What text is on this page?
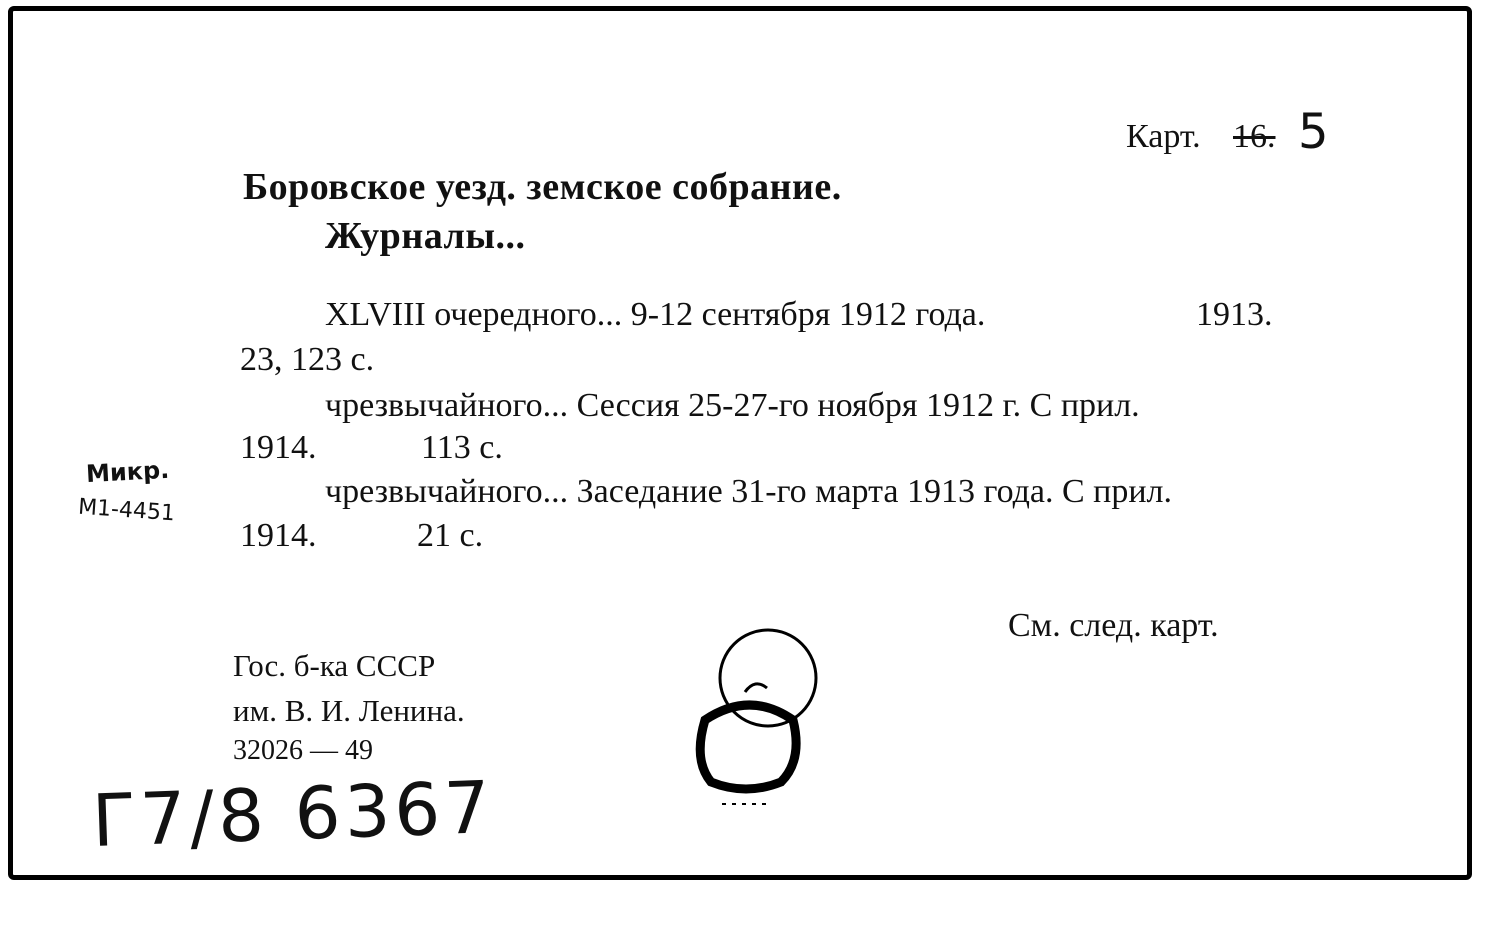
Карт. 16. 5
Боровское уезд. земское собрание.
Журналы...
XLVIII очередного... 9-12 сентября 1912 года.	1913.
23, 123 с.
чрезвычайного... Сессия 25-27-го ноября 1912 г. С прил.
1914.	113 с.
чрезвычайного... Заседание 31-го марта 1913 года. С прил.
1914.	21 с.
Микр.
М1-4451
См. след. карт.
Гос. б-ка СССР
им. В. И. Ленина.
32026 — 49
Г7/8 6367
